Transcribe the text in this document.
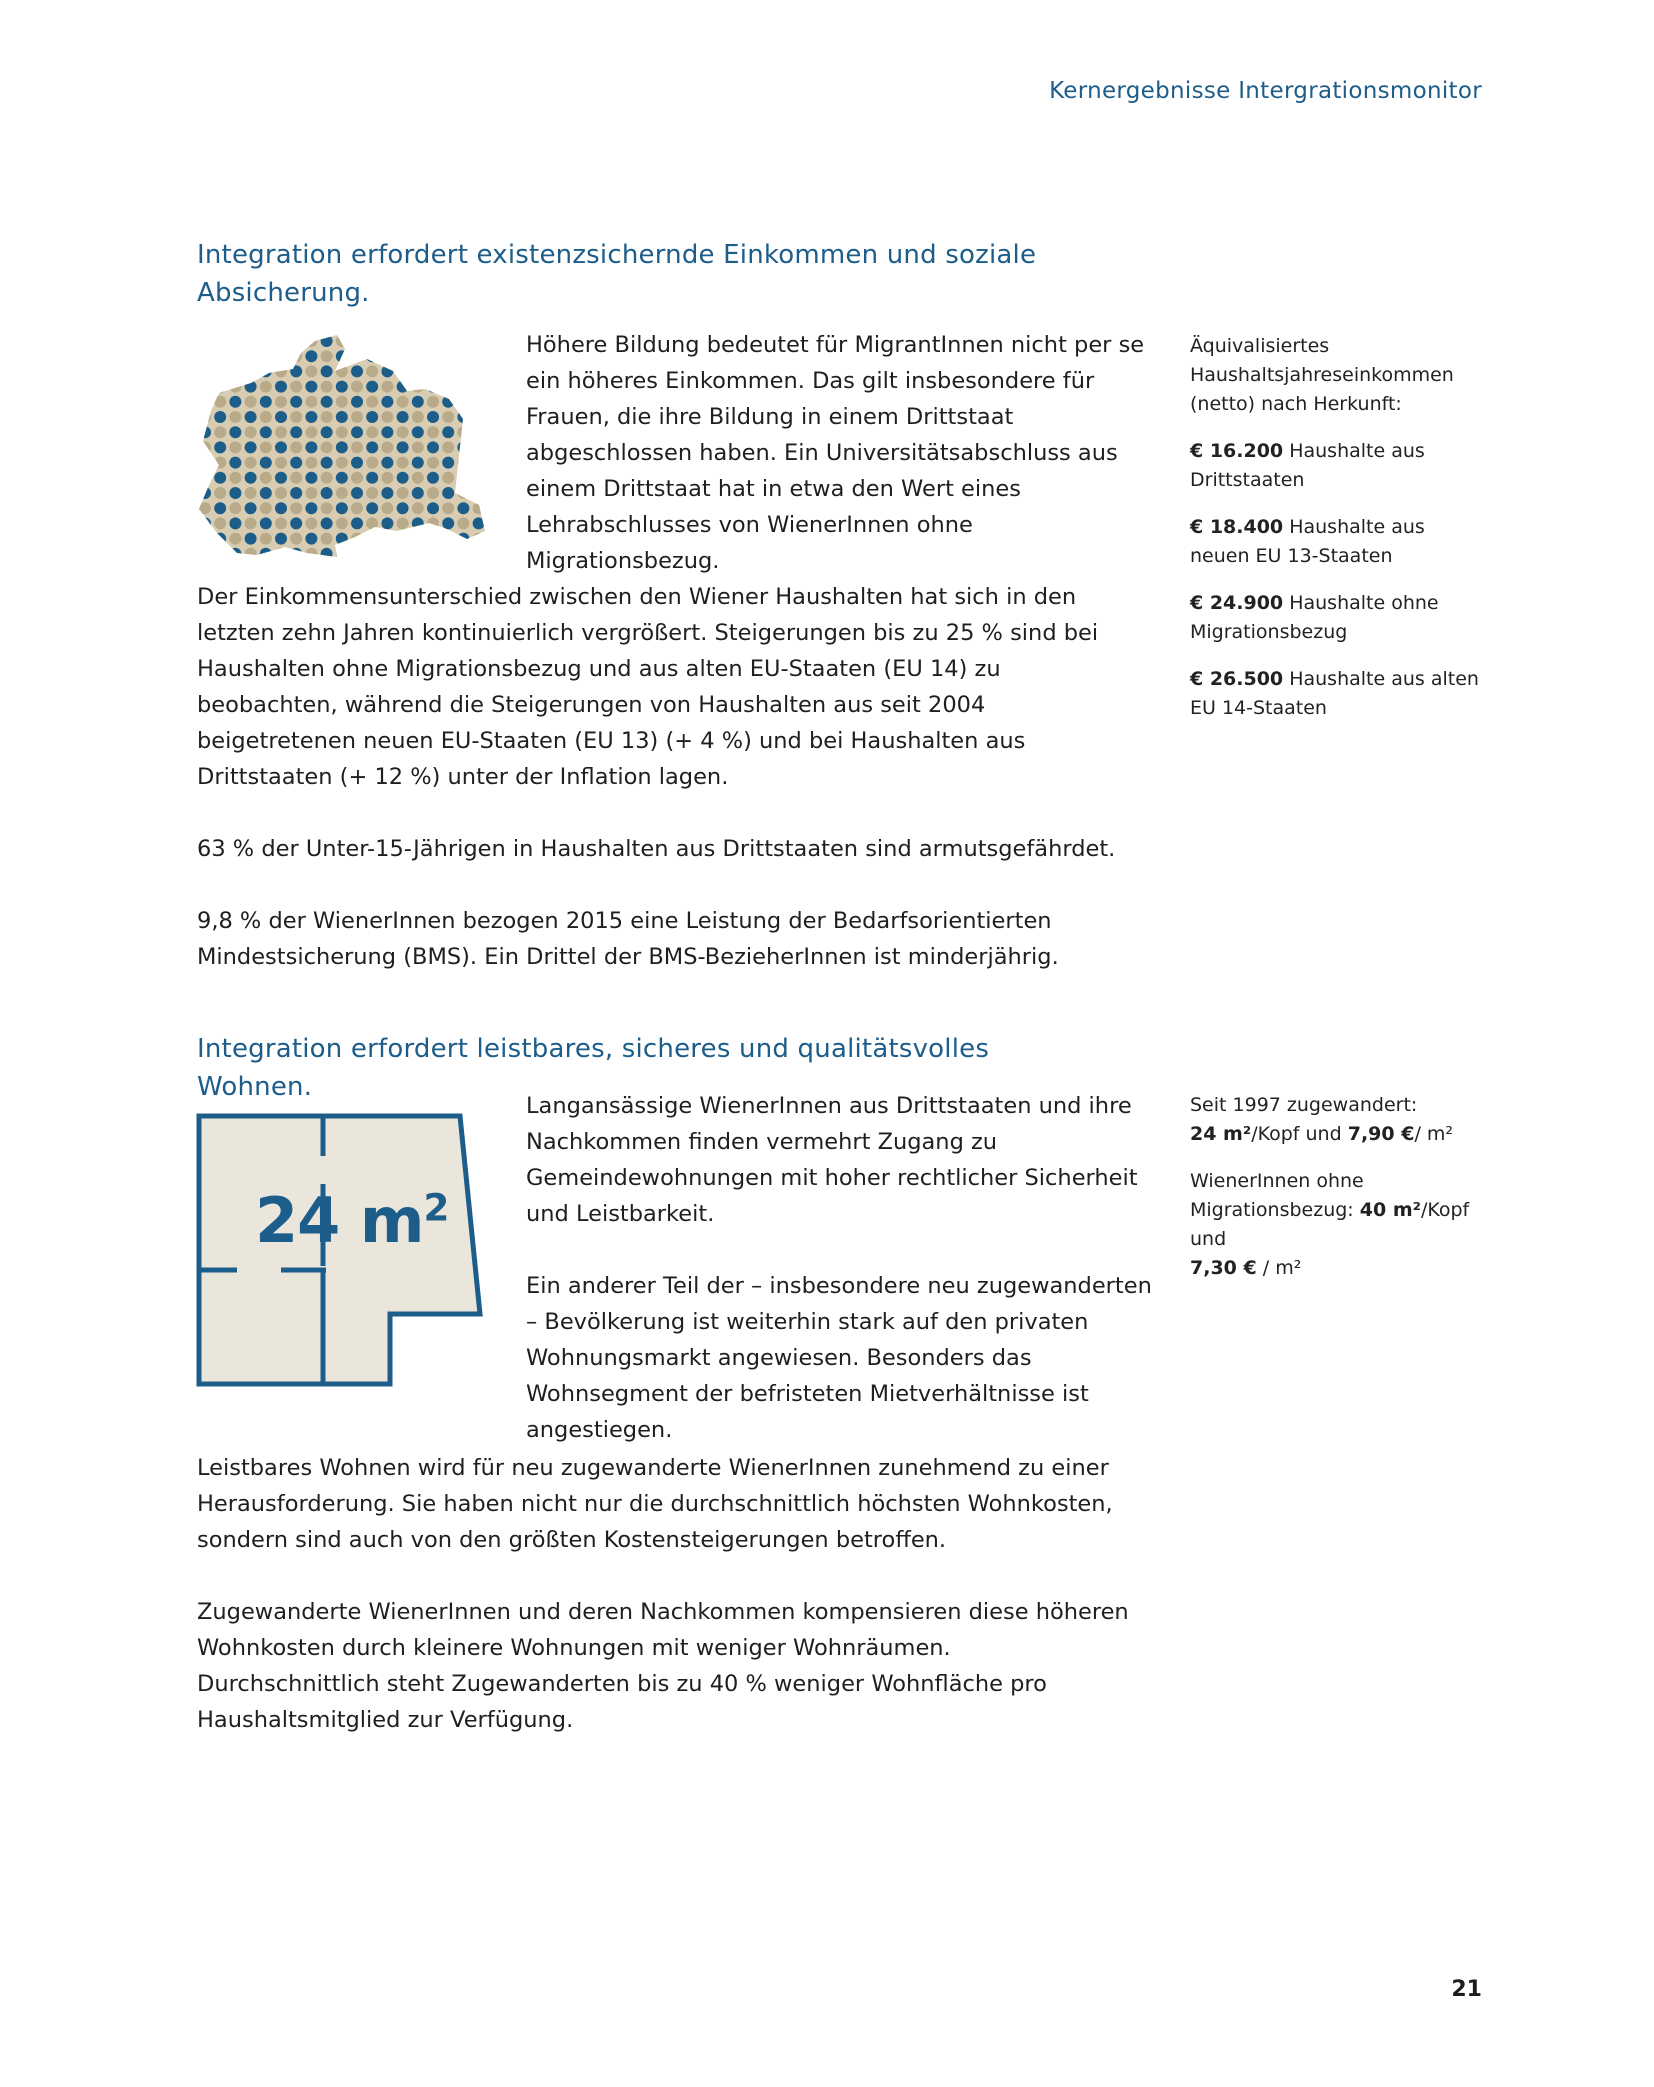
Kernergebnisse Intergrationsmonitor
Integration erfordert existenzsichernde Einkommen und soziale Absicherung.

Höhere Bildung bedeutet für MigrantInnen nicht per se ein höheres Einkommen. Das gilt insbesondere für Frauen, die ihre Bildung in einem Drittstaat abgeschlossen haben. Ein Universitätsabschluss aus einem Drittstaat hat in etwa den Wert eines Lehrabschlusses von WienerInnen ohne Migrationsbezug.

Der Einkommensunterschied zwischen den Wiener Haushalten hat sich in den letzten zehn Jahren kontinuierlich vergrößert. Steigerungen bis zu 25 % sind bei Haushalten ohne Migrationsbezug und aus alten EU-Staaten (EU 14) zu beobachten, während die Steigerungen von Haushalten aus seit 2004 beigetretenen neuen EU-Staaten (EU 13) (+ 4 %) und bei Haushalten aus Drittstaaten (+ 12 %) unter der Inflation lagen.

63 % der Unter-15-Jährigen in Haushalten aus Drittstaaten sind armutsgefährdet.

9,8 % der WienerInnen bezogen 2015 eine Leistung der Bedarfsorientierten Mindestsicherung (BMS). Ein Drittel der BMS-BezieherInnen ist minderjährig.

Äquivalisiertes Haushaltsjahreseinkommen (netto) nach Herkunft:

€ 16.200 Haushalte aus Drittstaaten

€ 18.400 Haushalte aus neuen EU 13-Staaten

€ 24.900 Haushalte ohne Migrationsbezug

€ 26.500 Haushalte aus alten EU 14-Staaten

Integration erfordert leistbares, sicheres und qualitätsvolles Wohnen.
24 $m^2$

Langansässige WienerInnen aus Drittstaaten und ihre Nachkommen finden vermehrt Zugang zu Gemeindewohnungen mit hoher rechtlicher Sicherheit und Leistbarkeit.

Ein anderer Teil der – insbesondere neu zugewanderten – Bevölkerung ist weiterhin stark auf den privaten Wohnungsmarkt angewiesen. Besonders das Wohnsegment der befristeten Mietverhältnisse ist angestiegen.

Leistbares Wohnen wird für neu zugewanderte WienerInnen zunehmend zu einer Herausforderung. Sie haben nicht nur die durchschnittlich höchsten Wohnkosten, sondern sind auch von den größten Kostensteigerungen betroffen.

Zugewanderte WienerInnen und deren Nachkommen kompensieren diese höheren Wohnkosten durch kleinere Wohnungen mit weniger Wohnräumen. Durchschnittlich steht Zugewanderten bis zu 40 % weniger Wohnfläche pro Haushaltsmitglied zur Verfügung.

Seit 1997 zugewandert:
24 m²/Kopf und 7,90 €/ m²

WienerInnen ohne Migrationsbezug: 40 m²/Kopf und
7,30 € / m²

21
